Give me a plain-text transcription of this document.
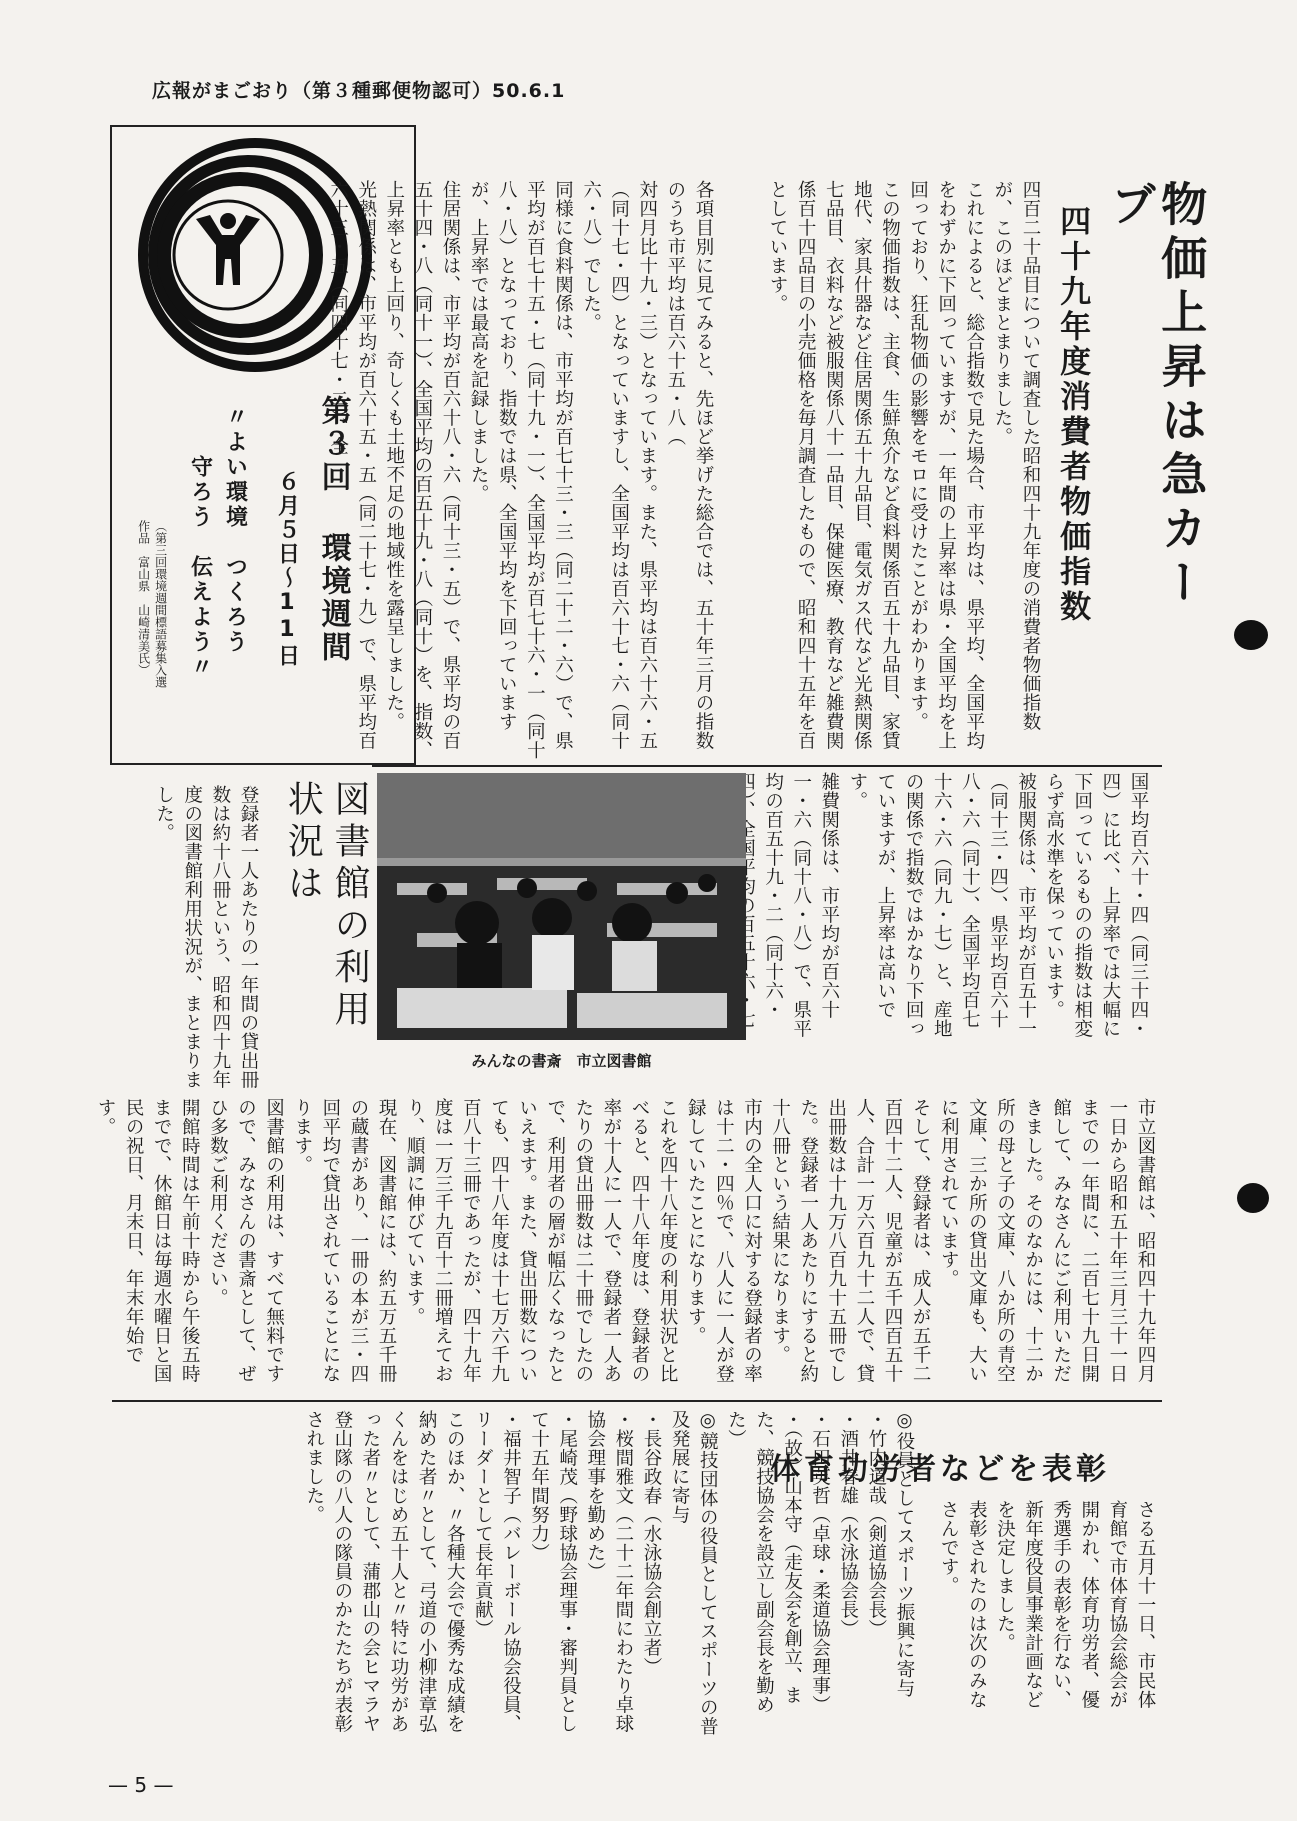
広報がまごおり（第３種郵便物認可）50.6.1
第３回 環境週間
６月５日～11日
〃よい環境　つくろう
守ろう　伝えよう〃
（第三回環境週間標語募集入選
作品　富山県　山崎清美氏）	物価上昇は急カーブ
四十九年度消費者物価指数
四百二十品目について調査した昭和四十九年度の消費者物価指数が、このほどまとまりました。
これによると、総合指数で見た場合、市平均は、県平均、全国平均をわずかに下回っていますが、一年間の上昇率は県・全国平均を上回っており、狂乱物価の影響をモロに受けたことがわかります。
この物価指数は、主食、生鮮魚介など食料関係百五十九品目、家賃地代、家具什器など住居関係五十九品目、電気ガス代など光熱関係七品目、衣料など被服関係八十一品目、保健医療、教育など雑費関係百十四品目の小売価格を毎月調査したもので、昭和四十五年を百としています。
各項目別に見てみると、先ほど挙げた総合では、五十年三月の指数のうち市平均は百六十五・八（
対四月比十九・三）となっています。また、県平均は百六十六・五（同十七・四）となっていますし、全国平均は百六十七・六（同十六・八）でした。
同様に食料関係は、市平均が百七十三・三（同二十二・六）で、県平均が百七十五・七（同十九・一）、全国平均が百七十六・一（同十八・八）となっており、指数では県、全国平均を下回っていますが、上昇率では最高を記録しました。
住居関係は、市平均が百六十八・六（同十三・五）で、県平均の百五十四・八（同十一）、全国平均の百五十九・八（同十）を、指数、上昇率とも上回り、奇しくも土地不足の地域性を露呈しました。
光熱関係は、市平均が百六十五・五（同二十七・九）で、県平均百六十三・五（同四十七・二）、全
国平均百六十・四（同三十四・四）に比べ、上昇率では大幅に下回っているものの指数は相変らず高水準を保っています。
被服関係は、市平均が百五十一（同十三・四）、県平均百六十八・六（同十）、全国平均百七十六・六（同九・七）と、産地の関係で指数ではかなり下回っていますが、上昇率は高いです。
雑費関係は、市平均が百六十一・六（同十八・八）で、県平均の百五十九・二（同十六・
みんなの書斎　市立図書館
図書館の利用状況は
登録者一人あたりの一年間の貸出冊数は約十八冊という、昭和四十九年度の図書館利用状況が、まとまりました。
市立図書館は、昭和四十九年四月一日から昭和五十年三月三十一日までの一年間に、二百七十九日開館して、みなさんにご利用いただきました。そのなかには、十二か所の母と子の文庫、八か所の青空文庫、三か所の貸出文庫も、大いに利用されています。
そして、登録者は、成人が五千二百四十二人、児童が五千四百五十人、合計一万六百九十二人で、貸出冊数は十九万八百九十五冊でした。登録者一人あたりにすると約十八冊という結果になります。
市内の全人口に対する登録者の率は十二・四％で、八人に一人が登録していたことになります。
これを四十八年度の利用状況と比べると、四十八年度は、登録者の率が十人に一人で、登録者一人あたりの貸出冊数は二十冊でしたので、利用者の層が幅広くなったといえます。また、貸出冊数についても、四十八年度は十七万六千九百八十三冊であったが、四十九年度は一万三千九百十二冊増えており、順調に伸びています。
現在、図書館には、約五万五千冊の蔵書があり、一冊の本が三・四回平均で貸出されていることになります。
図書館の利用は、すべて無料ですので、みなさんの書斎として、ぜひ多数ご利用ください。
開館時間は午前十時から午後五時までで、休館日は毎週水曜日と国民の祝日、月末日、年末年始です。
体育功労者などを表彰
さる五月十一日、市民体育館で市体育協会総会が開かれ、体育功労者、優秀選手の表彰を行ない、新年度役員事業計画などを決定しました。
表彰されたのは次のみなさんです。
◎役員としてスポーツ振興に寄与
・竹内道哉（剣道協会長）
・酒井春雄（水泳協会長）
・石田英哲（卓球・柔道協会理事）
・（故）山本守（走友会を創立、また、競技協会を設立し副会長を勤めた）
◎競技団体の役員としてスポーツの普及発展に寄与
・長谷政春（水泳協会創立者）
・桜間雅文（二十二年間にわたり卓球協会理事を勤めた）
・尾崎茂（野球協会理事・審判員として十五年間努力）
・福井智子（バレーボール協会役員、リーダーとして長年貢献）
このほか、〃各種大会で優秀な成績を納めた者〃として、弓道の小柳津章弘くんをはじめ五十人と〃特に功労があった者〃として、蒲郡山の会ヒマラヤ登山隊の八人の隊員のかたたちが表彰されました。
— 5 —
